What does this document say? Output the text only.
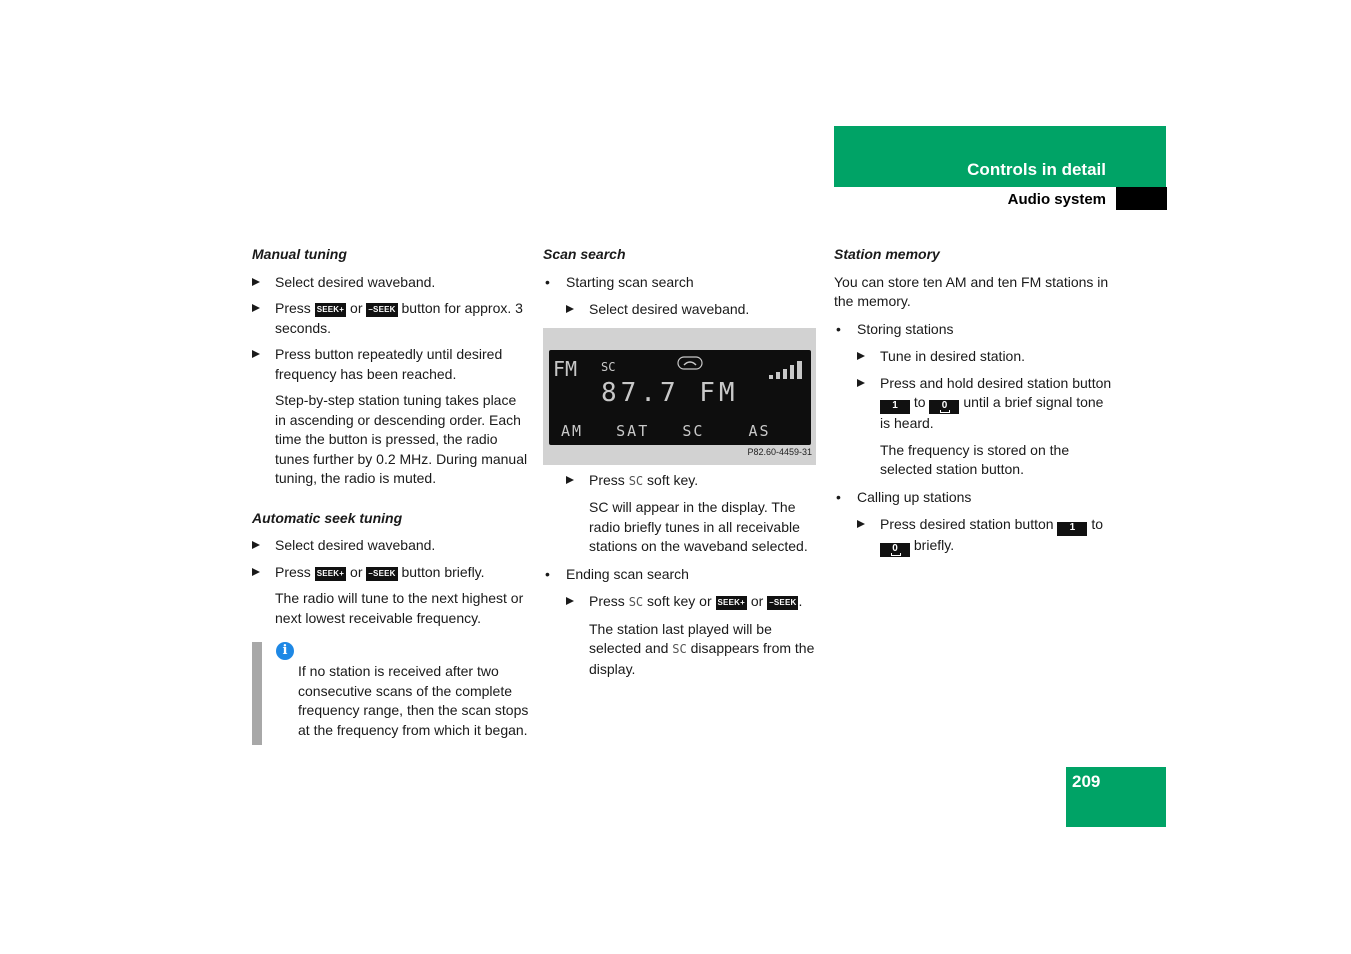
Controls in detail
Audio system
Manual tuning
Select desired waveband.
Press SEEK+ or –SEEK button for approx. 3 seconds.
Press button repeatedly until desired frequency has been reached.
Step-by-step station tuning takes place in ascending or descending order. Each time the button is pressed, the radio tunes further by 0.2 MHz. During manual tuning, the radio is muted.
Automatic seek tuning
Select desired waveband.
Press SEEK+ or –SEEK button briefly.
The radio will tune to the next highest or next lowest receivable frequency.
i
If no station is received after two consecutive scans of the complete frequency range, then the scan stops at the frequency from which it began.
Scan search
• Starting scan search
Select desired waveband.
FM SC
87.7 FM
AM   SAT   SC    AS
P82.60-4459-31
Press SC soft key.
SC will appear in the display. The radio briefly tunes in all receivable stations on the waveband selected.
• Ending scan search
Press SC soft key or SEEK+ or –SEEK .
The station last played will be selected and SC disappears from the display.
Station memory
You can store ten AM and ten FM stations in the memory.
• Storing stations
Tune in desired station.
Press and hold desired station button 1 to 0 until a brief signal tone is heard.
The frequency is stored on the selected station button.
• Calling up stations
Press desired station button 1 to 0 briefly.
209
